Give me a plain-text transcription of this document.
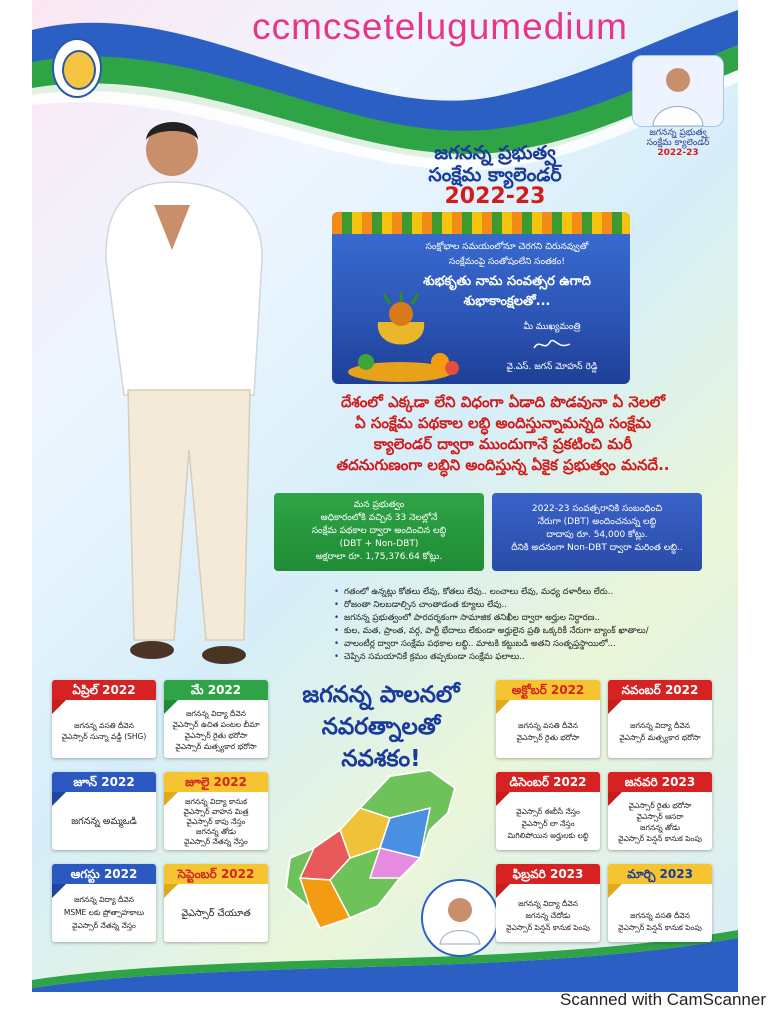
ccmcsetelugumedium
జగనన్న ప్రభుత్వ
సంక్షేమ క్యాలెండర్
2022-23
జగనన్న ప్రభుత్వ
సంక్షేమ క్యాలెండర్
2022-23
సంక్షోభాల సమయంలోనూ చెరగని చిరునవ్వుతో
సంక్షేమంపై సంతోషంలేని సంతకం!
శుభకృతు నామ సంవత్సర ఉగాది
శుభాకాంక్షలతో...
మీ ముఖ్యమంత్రి
వై.ఎస్. జగన్ మోహన్ రెడ్డి
దేశంలో ఎక్కడా లేని విధంగా ఏడాది పొడవునా ఏ నెలలో
ఏ సంక్షేమ పథకాల లబ్ధి అందిస్తున్నామన్నది సంక్షేమ
క్యాలెండర్ ద్వారా ముందుగానే ప్రకటించి మరీ
తదనుగుణంగా లబ్ధిని అందిస్తున్న ఏకైక ప్రభుత్వం మనదే..
మన ప్రభుత్వం
అధికారంలోకి వచ్చిన 33 నెలల్లోనే
సంక్షేమ పథకాల ద్వారా అందించిన లబ్ధి
(DBT + Non-DBT)
అక్షరాలా రూ. 1,75,376.64 కోట్లు.
2022-23 సంవత్సరానికి సంబంధించి
నేరుగా (DBT) అందించనున్న లబ్ధి
దాదాపు రూ. 54,000 కోట్లు.
దీనికి అదనంగా Non-DBT ద్వారా మరింత లబ్ధి..
• గతంలో ఉన్నట్లు కోతలు లేవు, కోతలు లేవు.. లంచాలు లేవు, మధ్య దళారీలు లేరు..
• రోజంతా నిలబడాల్సిన చాంతాడంత క్యూలు లేవు..
• జగనన్న ప్రభుత్వంలో పారదర్శకంగా సామాజిక తనిఖీల ద్వారా అర్హుల నిర్ధారణ..
• కుల, మత, ప్రాంత, వర్గ, పార్టీ భేదాలు లేకుండా అర్హులైన ప్రతి ఒక్కరికీ నేరుగా బ్యాంక్ ఖాతాలు/
• వాలంటీర్ల ద్వారా సంక్షేమ పథకాల లబ్ధి.. మాటకి కట్టుబడి అతని సంతృప్తస్థాయిలో...
• చెప్పిన సమయానికే క్రమం తప్పకుండా సంక్షేమ ఫలాలు..
ఏప్రిల్ 2022
జగనన్న వసతి దీవెన
వైఎస్సార్ సున్నా వడ్డీ (SHG)
మే 2022
జగనన్న విద్యా దీవెన
వైఎస్సార్ ఉచిత పంటల బీమా
వైఎస్సార్ రైతు భరోసా
వైఎస్సార్ మత్స్యకార భరోసా
జూన్ 2022
జగనన్న అమ్మఒడి
జూలై 2022
జగనన్న విద్యా కానుక
వైఎస్సార్ వాహన మిత్ర
వైఎస్సార్ కాపు నేస్తం
జగనన్న తోడు
వైఎస్సార్ నేతన్న నేస్తం
ఆగస్టు 2022
జగనన్న విద్యా దీవెన
MSME లకు ప్రోత్సాహకాలు
వైఎస్సార్ నేతన్న నేస్తం
సెప్టెంబర్ 2022
వైఎస్సార్ చేయూత
జగనన్న పాలనలో
నవరత్నాలతో
నవశకం!
అక్టోబర్ 2022
జగనన్న వసతి దీవెన
వైఎస్సార్ రైతు భరోసా
నవంబర్ 2022
జగనన్న విద్యా దీవెన
వైఎస్సార్ మత్స్యకార భరోసా
డిసెంబర్ 2022
వైఎస్సార్ ఈబీసీ నేస్తం
వైఎస్సార్ లా నేస్తం
మిగిలిపోయిన అర్హులకు లబ్ధి
జనవరి 2023
వైఎస్సార్ రైతు భరోసా
వైఎస్సార్ ఆసరా
జగనన్న తోడు
వైఎస్సార్ పెన్షన్ కానుక పెంపు
ఫిబ్రవరి 2023
జగనన్న విద్యా దీవెన
జగనన్న చేదోడు
వైఎస్సార్ పెన్షన్ కానుక పెంపు
మార్చి 2023
జగనన్న వసతి దీవెన
వైఎస్సార్ పెన్షన్ కానుక పెంపు
Scanned with CamScanner
